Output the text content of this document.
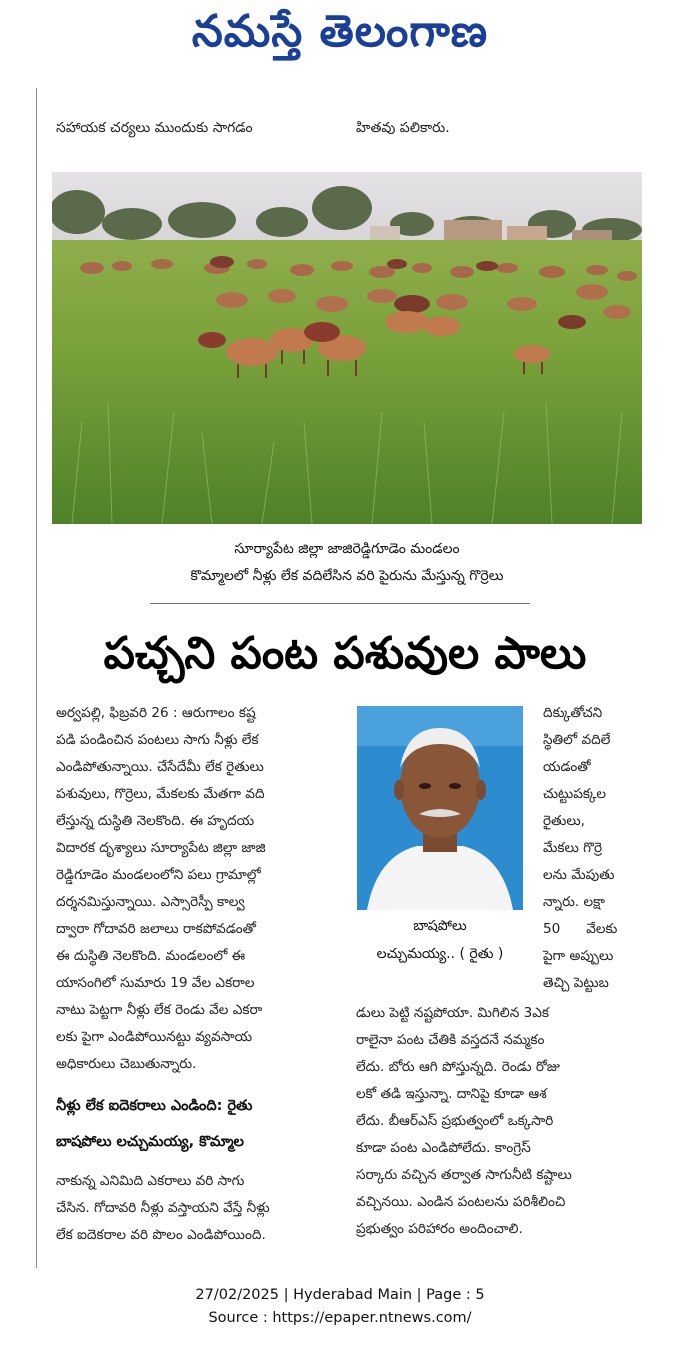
నమస్తే తెలంగాణ

సహాయక చర్యలు ముందుకు సాగడం	హితవు పలికారు.
సూర్యాపేట జిల్లా జాజిరెడ్డిగూడెం మండలం
కొమ్మాలలో నీళ్లు లేక వదిలేసిన వరి పైరును మేస్తున్న గొర్రెలు
పచ్చని పంట పశువుల పాలు

అర్వపల్లి, ఫిబ్రవరి 26 : ఆరుగాలం కష్ట

పడి పండించిన పంటలు సాగు నీళ్లు లేక

ఎండిపోతున్నాయి. చేసేదేమీ లేక రైతులు

పశువులు, గొర్రెలు, మేకలకు మేతగా వది

లేస్తున్న దుస్థితి నెలకొంది. ఈ హృదయ

విదారక దృశ్యాలు సూర్యాపేట జిల్లా జాజి

రెడ్డిగూడెం మండలంలోని పలు గ్రామాల్లో

దర్శనమిస్తున్నాయి. ఎస్సారెస్పీ కాల్వ

ద్వారా గోదావరి జలాలు రాకపోవడంతో

ఈ దుస్థితి నెలకొంది. మండలంలో ఈ

యాసంగిలో సుమారు 19 వేల ఎకరాల

నాటు పెట్టగా నీళ్లు లేక రెండు వేల ఎకరా

లకు పైగా ఎండిపోయినట్టు వ్యవసాయ

అధికారులు చెబుతున్నారు.

నీళ్లు లేక ఐదెకరాలు ఎండింది: రైతు
బాషపోలు లచ్చుమయ్య, కొమ్మాల

నాకున్న ఎనిమిది ఎకరాలు వరి సాగు

చేసిన. గోదావరి నీళ్లు వస్తాయని వేస్తే నీళ్లు

లేక ఐదెకరాల వరి పొలం ఎండిపోయింది.

బాషపోలు
లచ్చుమయ్య.. ( రైతు )

దిక్కుతోచని

స్థితిలో వదిలే

యడంతో

చుట్టుపక్కల

రైతులు,

మేకలు గొర్రె

లను మేపుతు

న్నారు. లక్షా

50      వేలకు

పైగా అప్పులు

తెచ్చి పెట్టుబ

డులు పెట్టి నష్టపోయా. మిగిలిన 3ఎక

రాలైనా పంట చేతికి వస్తదనే నమ్మకం

లేదు. బోరు ఆగి పోస్తున్నది. రెండు రోజు

లకో తడి ఇస్తున్నా. దానిపై కూడా ఆశ

లేదు. బీఆర్ఎస్ ప్రభుత్వంలో ఒక్కసారి

కూడా పంట ఎండిపోలేదు. కాంగ్రెస్

సర్కారు వచ్చిన తర్వాత సాగునీటి కష్టాలు

వచ్చినయి. ఎండిన పంటలను పరిశీలించి

ప్రభుత్వం పరిహారం అందించాలి.

27/02/2025 | Hyderabad Main | Page : 5
Source : https://epaper.ntnews.com/
